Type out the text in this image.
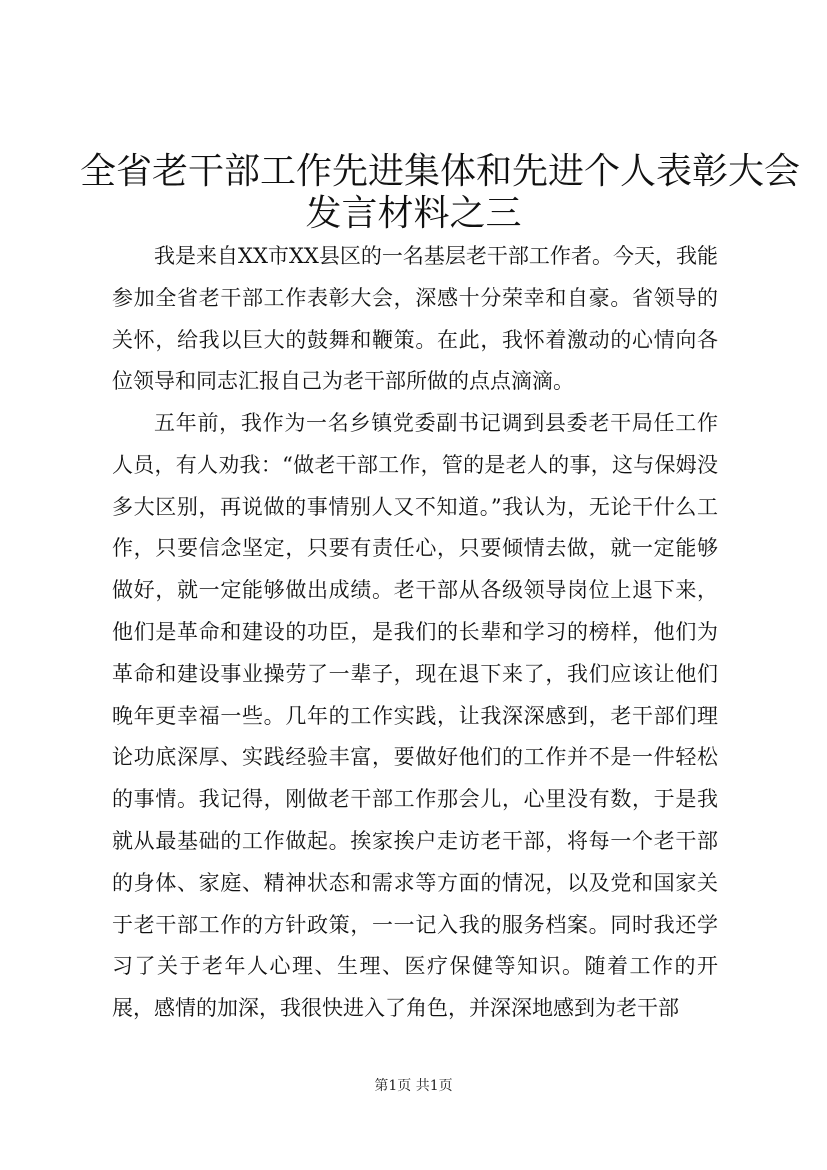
全省老干部工作先进集体和先进个人表彰大会
发言材料之三

我是来自XX市XX县区的一名基层老干部工作者。今天，我能参加全省老干部工作表彰大会，深感十分荣幸和自豪。省领导的关怀，给我以巨大的鼓舞和鞭策。在此，我怀着激动的心情向各位领导和同志汇报自己为老干部所做的点点滴滴。

五年前，我作为一名乡镇党委副书记调到县委老干局任工作人员，有人劝我：“做老干部工作，管的是老人的事，这与保姆没多大区别，再说做的事情别人又不知道。”我认为，无论干什么工作，只要信念坚定，只要有责任心，只要倾情去做，就一定能够做好，就一定能够做出成绩。老干部从各级领导岗位上退下来，他们是革命和建设的功臣，是我们的长辈和学习的榜样，他们为革命和建设事业操劳了一辈子，现在退下来了，我们应该让他们晚年更幸福一些。几年的工作实践，让我深深感到，老干部们理论功底深厚、实践经验丰富，要做好他们的工作并不是一件轻松的事情。我记得，刚做老干部工作那会儿，心里没有数，于是我就从最基础的工作做起。挨家挨户走访老干部，将每一个老干部的身体、家庭、精神状态和需求等方面的情况，以及党和国家关于老干部工作的方针政策，一一记入我的服务档案。同时我还学习了关于老年人心理、生理、医疗保健等知识。随着工作的开展，感情的加深，我很快进入了角色，并深深地感到为老干部

第1页 共1页
